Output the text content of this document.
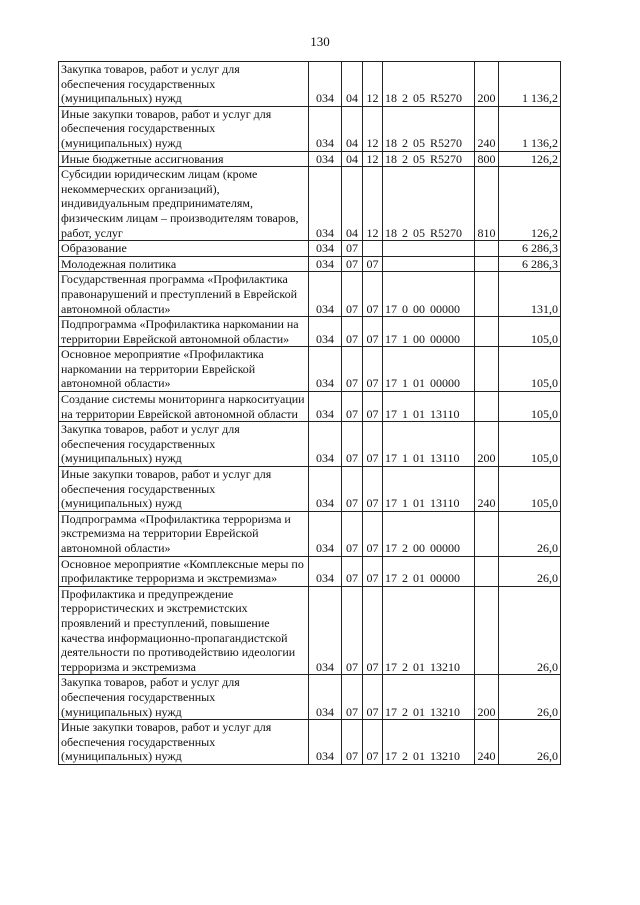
130
Закупка товаров, работ и услуг для обеспечения государственных (муниципальных) нужд	034	04	12	18 2 05 R5270	200	1 136,2
Иные закупки товаров, работ и услуг для обеспечения государственных (муниципальных) нужд	034	04	12	18 2 05 R5270	240	1 136,2
Иные бюджетные ассигнования	034	04	12	18 2 05 R5270	800	126,2
Субсидии юридическим лицам (кроме некоммерческих организаций), индивидуальным предпринимателям, физическим лицам – производителям товаров, работ, услуг	034	04	12	18 2 05 R5270	810	126,2
Образование	034	07				6 286,3
Молодежная политика	034	07	07			6 286,3
Государственная программа «Профилактика правонарушений и преступлений в Еврейской автономной области»	034	07	07	17 0 00 00000		131,0
Подпрограмма «Профилактика наркомании на территории Еврейской автономной области»	034	07	07	17 1 00 00000		105,0
Основное мероприятие «Профилактика наркомании на территории Еврейской автономной области»	034	07	07	17 1 01 00000		105,0
Создание системы мониторинга наркоситуации на территории Еврейской автономной области	034	07	07	17 1 01 13110		105,0
Закупка товаров, работ и услуг для обеспечения государственных (муниципальных) нужд	034	07	07	17 1 01 13110	200	105,0
Иные закупки товаров, работ и услуг для обеспечения государственных (муниципальных) нужд	034	07	07	17 1 01 13110	240	105,0
Подпрограмма «Профилактика терроризма и экстремизма на территории Еврейской автономной области»	034	07	07	17 2 00 00000		26,0
Основное мероприятие «Комплексные меры по профилактике терроризма и экстремизма»	034	07	07	17 2 01 00000		26,0
Профилактика и предупреждение террористических и экстремистских проявлений и преступлений, повышение качества информационно-пропагандистской деятельности по противодействию идеологии терроризма и экстремизма	034	07	07	17 2 01 13210		26,0
Закупка товаров, работ и услуг для обеспечения государственных (муниципальных) нужд	034	07	07	17 2 01 13210	200	26,0
Иные закупки товаров, работ и услуг для обеспечения государственных (муниципальных) нужд	034	07	07	17 2 01 13210	240	26,0
